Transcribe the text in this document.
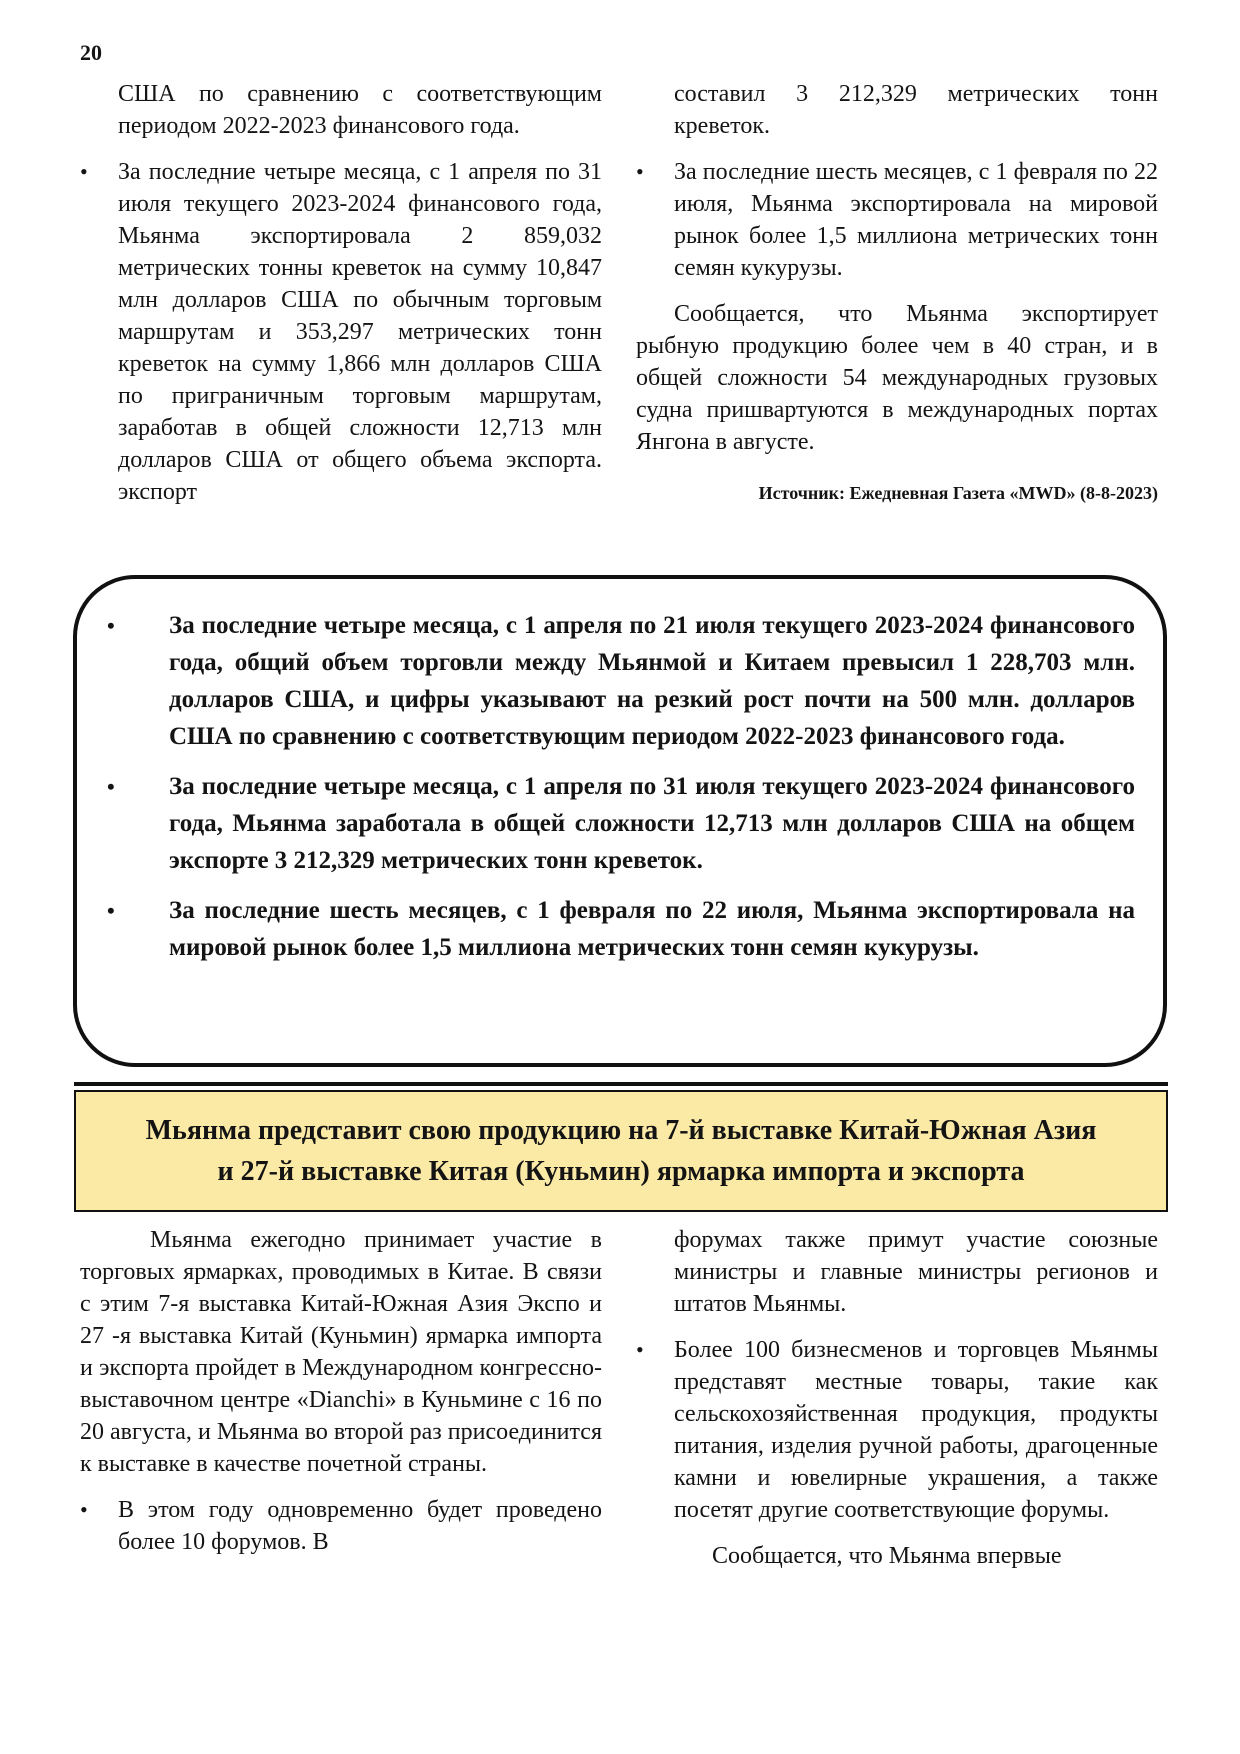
20

США по сравнению с соответствующим периодом 2022-2023 финансового года.

• За последние четыре месяца, с 1 апреля по 31 июля текущего 2023-2024 финансового года, Мьянма экспортировала 2 859,032 метрических тонны креветок на сумму 10,847 млн долларов США по обычным торговым маршрутам и 353,297 метрических тонн креветок на сумму 1,866 млн долларов США по приграничным торговым маршрутам, заработав в общей сложности 12,713 млн долларов США от общего объема экспорта. экспорт

составил 3 212,329 метрических тонн креветок.

• За последние шесть месяцев, с 1 февраля по 22 июля, Мьянма экспортировала на мировой рынок более 1,5 миллиона метрических тонн семян кукурузы.

Сообщается, что Мьянма экспортирует рыбную продукцию более чем в 40 стран, и в общей сложности 54 международных грузовых судна пришвартуются в международных портах Янгона в августе.

Источник: Ежедневная Газета «MWD» (8-8-2023)
• За последние четыре месяца, с 1 апреля по 21 июля текущего 2023-2024 финансового года, общий объем торговли между Мьянмой и Китаем превысил 1 228,703 млн. долларов США, и цифры указывают на резкий рост почти на 500 млн. долларов США по сравнению с соответствующим периодом 2022-2023 финансового года.
• За последние четыре месяца, с 1 апреля по 31 июля текущего 2023-2024 финансового года, Мьянма заработала в общей сложности 12,713 млн долларов США на общем экспорте 3 212,329 метрических тонн креветок.
• За последние шесть месяцев, с 1 февраля по 22 июля, Мьянма экспортировала на мировой рынок более 1,5 миллиона метрических тонн семян кукурузы.
Мьянма представит свою продукцию на 7-й выставке Китай-Южная Азия
и 27-й выставке Китая (Куньмин) ярмарка импорта и экспорта

Мьянма ежегодно принимает участие в торговых ярмарках, проводимых в Китае. В связи с этим 7-я выставка Китай-Южная Азия Экспо и 27 -я выставка Китай (Куньмин) ярмарка импорта и экспорта пройдет в Международном конгрессно-выставочном центре «Dianchi» в Куньмине с 16 по 20 августа, и Мьянма во второй раз присоединится к выставке в качестве почетной страны.

• В этом году одновременно будет проведено более 10 форумов. В

форумах также примут участие союзные министры и главные министры регионов и штатов Мьянмы.

• Более 100 бизнесменов и торговцев Мьянмы представят местные товары, такие как сельскохозяйственная продукция, продукты питания, изделия ручной работы, драгоценные камни и ювелирные украшения, а также посетят другие соответствующие форумы.

Сообщается, что Мьянма впервые
